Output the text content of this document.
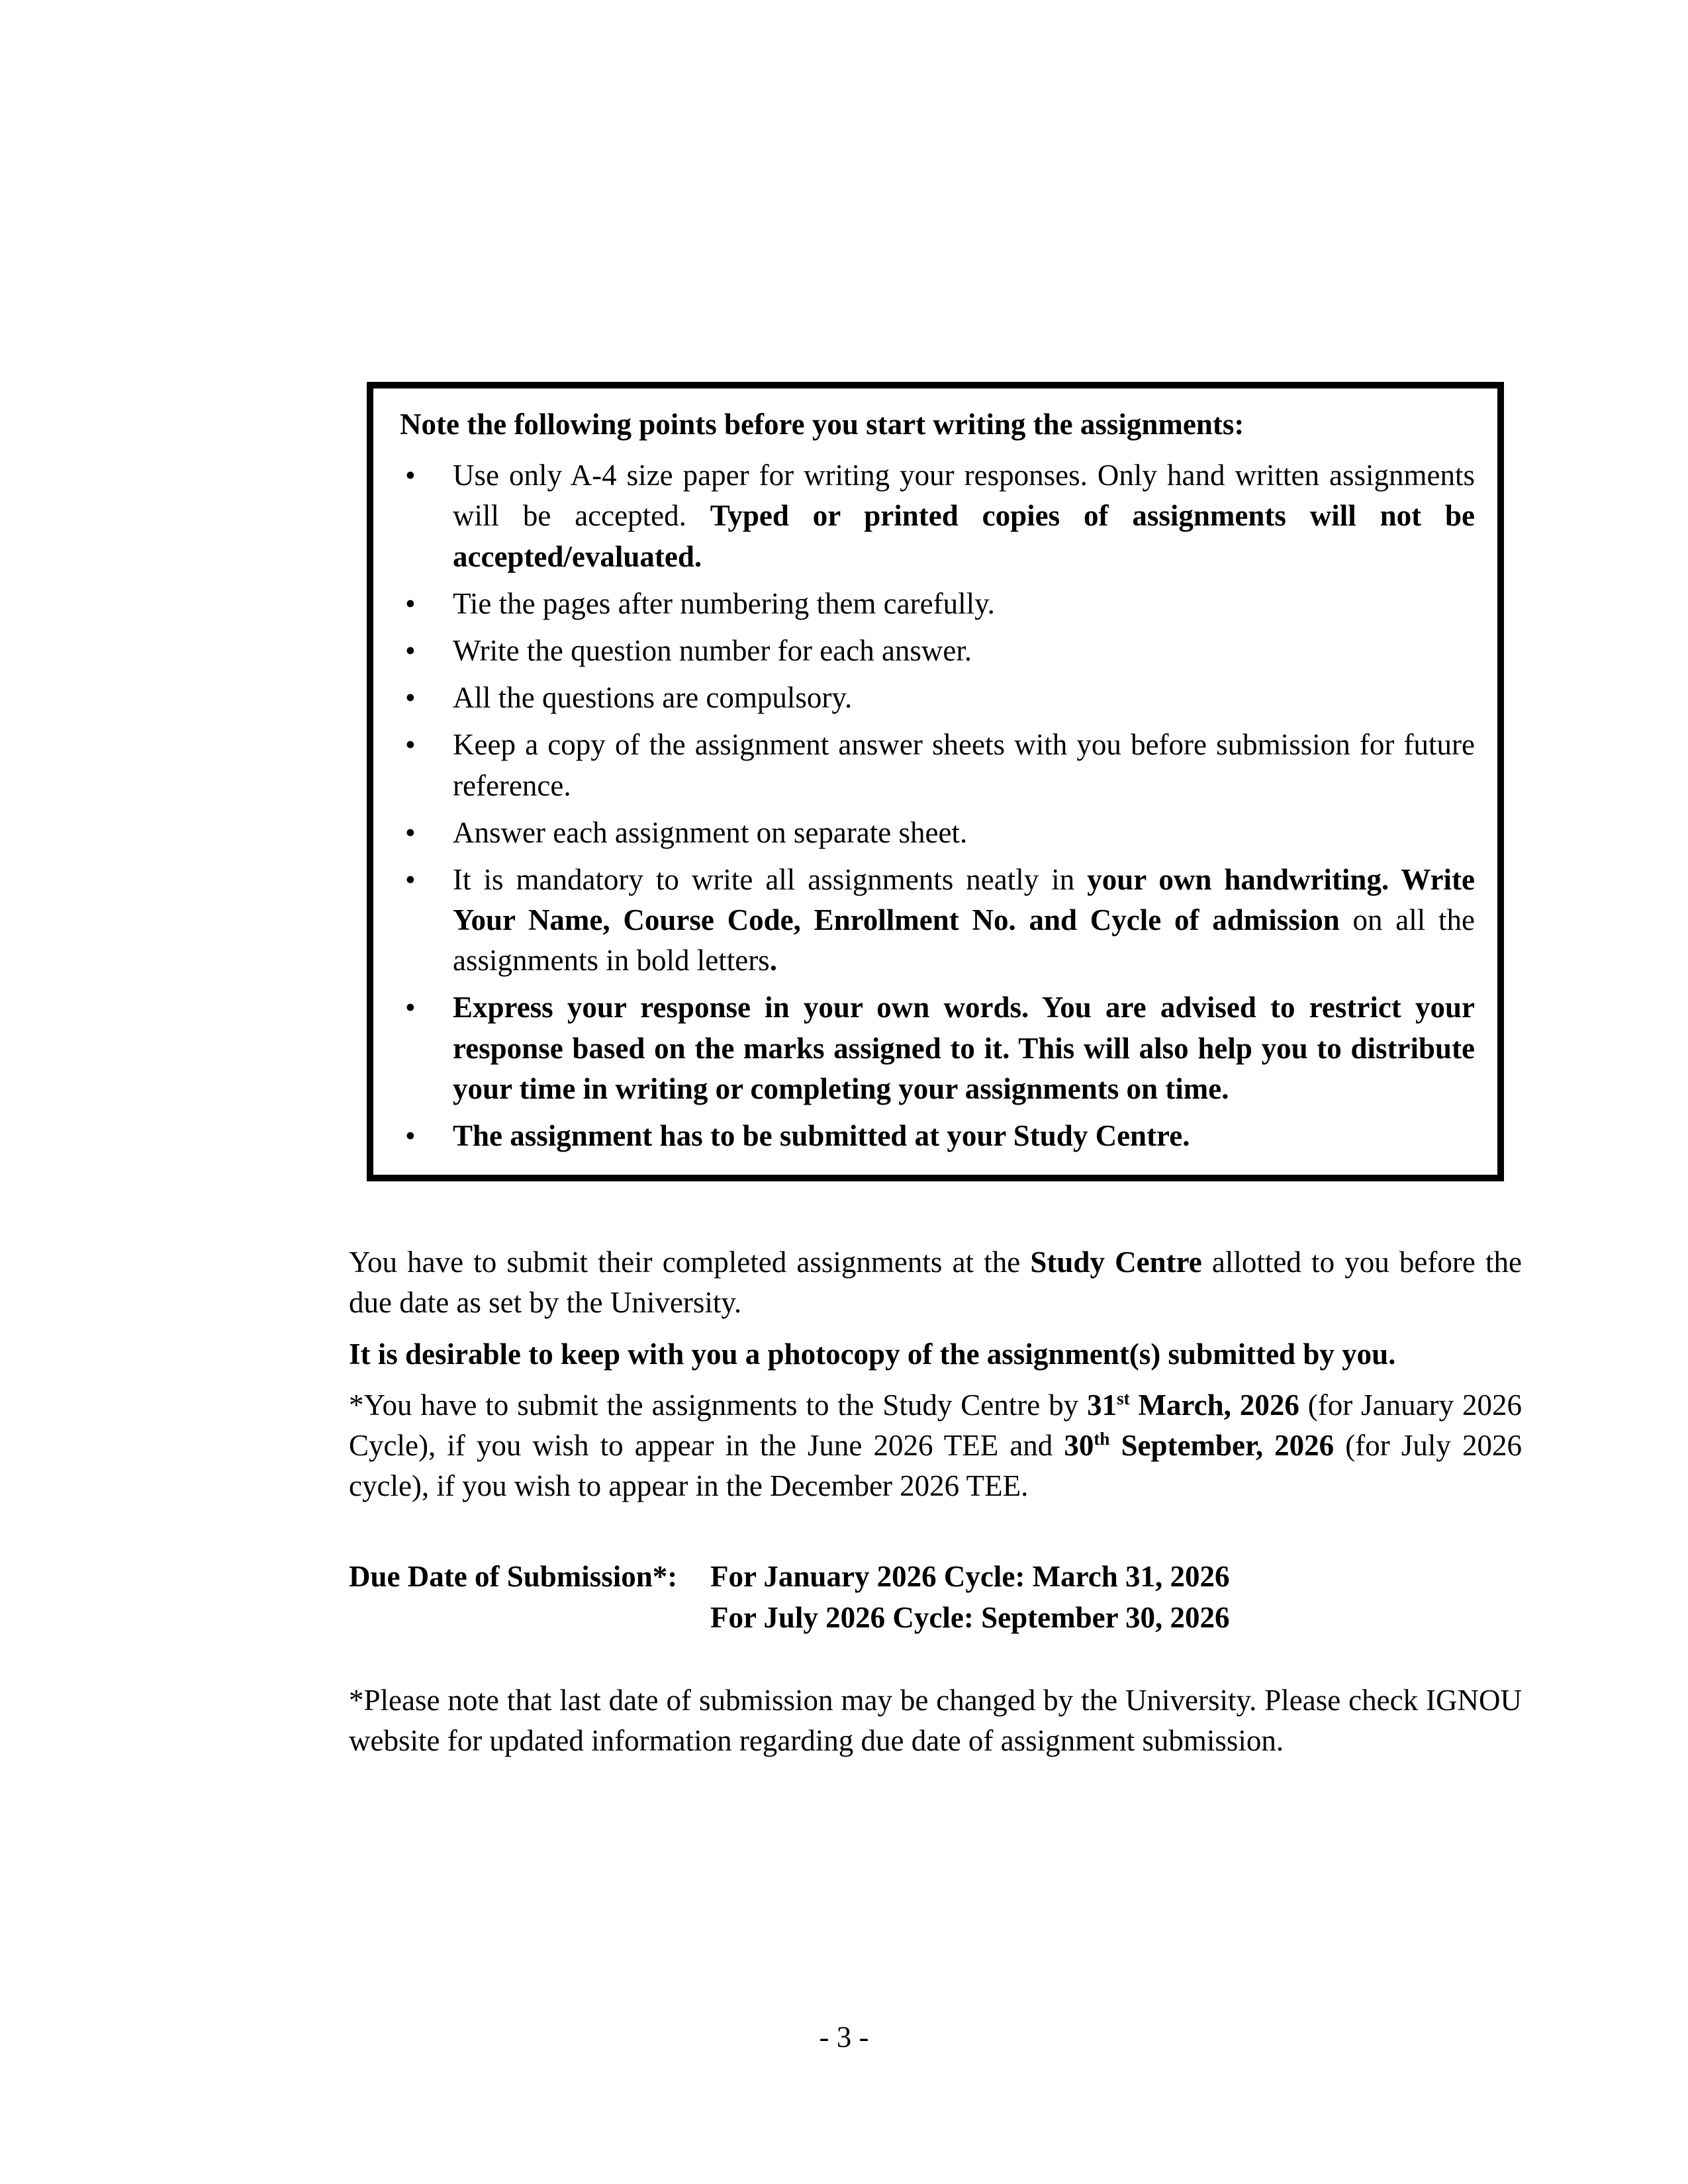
Note the following points before you start writing the assignments:

• Use only A-4 size paper for writing your responses. Only hand written assignments will be accepted. Typed or printed copies of assignments will not be accepted/evaluated.
• Tie the pages after numbering them carefully.
• Write the question number for each answer.
• All the questions are compulsory.
• Keep a copy of the assignment answer sheets with you before submission for future reference.
• Answer each assignment on separate sheet.
• It is mandatory to write all assignments neatly in your own handwriting. Write Your Name, Course Code, Enrollment No. and Cycle of admission on all the assignments in bold letters.
• Express your response in your own words. You are advised to restrict your response based on the marks assigned to it. This will also help you to distribute your time in writing or completing your assignments on time.
• The assignment has to be submitted at your Study Centre.

You have to submit their completed assignments at the Study Centre allotted to you before the due date as set by the University.

It is desirable to keep with you a photocopy of the assignment(s) submitted by you.

*You have to submit the assignments to the Study Centre by 31st March, 2026 (for January 2026 Cycle), if you wish to appear in the June 2026 TEE and 30th September, 2026 (for July 2026 cycle), if you wish to appear in the December 2026 TEE.

Due Date of Submission*:	For January 2026 Cycle: March 31, 2026
For July 2026 Cycle: September 30, 2026

*Please note that last date of submission may be changed by the University. Please check IGNOU website for updated information regarding due date of assignment submission.

- 3 -
